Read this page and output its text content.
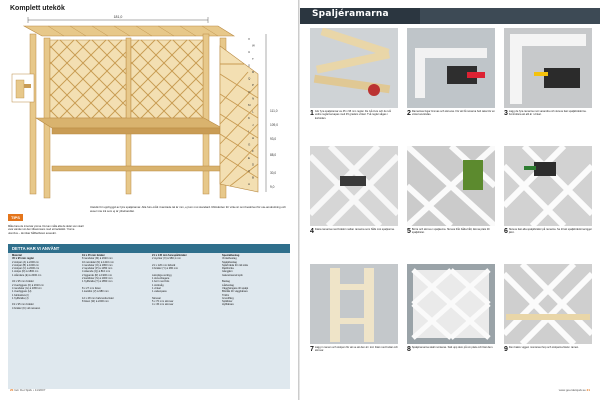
Komplett utekök
181,0
111,0
109,0
93,0
88,0
30,0
9,0
X
W
U
T
S
R
Q
P
O
N
M
L
K
J
I
H
G
F
E
D
C
B
A
TIPS
Måla bara de innersta ytorna. Du kan måla alla de delar som skall vara vända mot den tillsammans med ett lackskikt. Ytorna utomhus – det ökar hållbarheten avsevärt.
Utekök för uppbyggd av fyra spaljéramar. Alla furu-mått i kantrade tal är mm, ej tum mot standard. Riktvärden för virke är rent beskrivet för ute-användning och avser inte trä som ej är ytbehandlat.
DETTA HAR VI ANVÄNT
Material
45 x 95 mm reglar
2 stolpar (A) à 2200 cm
2 stolpar (B) à 1000 cm
2 stolpar (C) à 2000 cm
1 stolpe (D) à 1800 cm
1 ståndare (E) à 2000 cm

34 x 95 mm bräder
2 överliggare (F) à 2010 cm
4 ramdelar (G) à 1050 cm
1 överliggare (H)
1 bänkskiva (I)
1 hyllbräda (J)

19 x 95 mm bräder
4 bräder (K) vid ramaren
19 x 45 mm bräder
8 ramdelar (M) à 2620 mm
10 ramdelar (N) à 1410 mm
4 ramdelar (O) à 1800 mm
2 ramdelar (P) à 1050 mm
4 stående (Q) à 810 mm
2 liggande (R) à 1900 mm
2 kantlister (S) à 1000 mm
1 hyllbräda (T) à 1850 mm

8 x 27 mm listen
1 kantlist (V) à 980 mm

12 x 28 mm halvrunda lister
8 listen (W) à 2200 mm
21 x 145 mm furuspårbräder
2 styckar (X) à 980,1 mm

21 x 120 mm lärkväl
4 bräder (Y) à 280 mm

Lämpliga verktyg
1 skruvdragare
1 borr med bits
1 sticksåg
1 vinkel
1 vattenpass

Skruvar
5 x 70 mm skruvar
4 x 45 mm skruvar
Specialbeslag
Vinkelbeslag
Spaljébeslag
Spårbräda för rätt sida
Rattbricka
Gångjärn
Galvaniserad spik

Beslag
Låsbeslag
Vägghängare till spaljé
Blixtlås för väggbärare
Trälim
Grundfärg
Spiklister
Hyllbärare
20 Gör Det Själv • 11/2007
Spaljéramarna
1 Gör fyra spaljéramar av 45 x 95 mm reglar. De två övre och de två undre reglarna kapas med 45 graders vinkel. Två reglar sågas i kortsidan.
2 Ramarnas fogar limmas och skruvas. För att få ramarna helt raka bör en vinkel användas.	3 Lägg de fyra ramarna mot varandra och skruva fast spaljébrädorna. Kontrollera att allt är i vinkel.
4 Fästa ramarna med brädor mellan ramarna som hålls mot spaljéerna.	5 Borra och skruva i spaljéerna. Skruva från båda håll, lämna plats för spaljélister.	6 Skruva fast alla spaljébrädor på ramarna. Se till att spaljébrädorna ligger jämt.
7 Lägg in ramen och stolpen för att se att den är i lod. Fäst med bultar och skruvar.	8 Spaljéramarna skall monteras. Sätt upp dem på sin plats och fäst dem. 9 Den bakre viggen monteras ihop och stolparna fästs i ramen.
www.goerdetsjalv.se 21
